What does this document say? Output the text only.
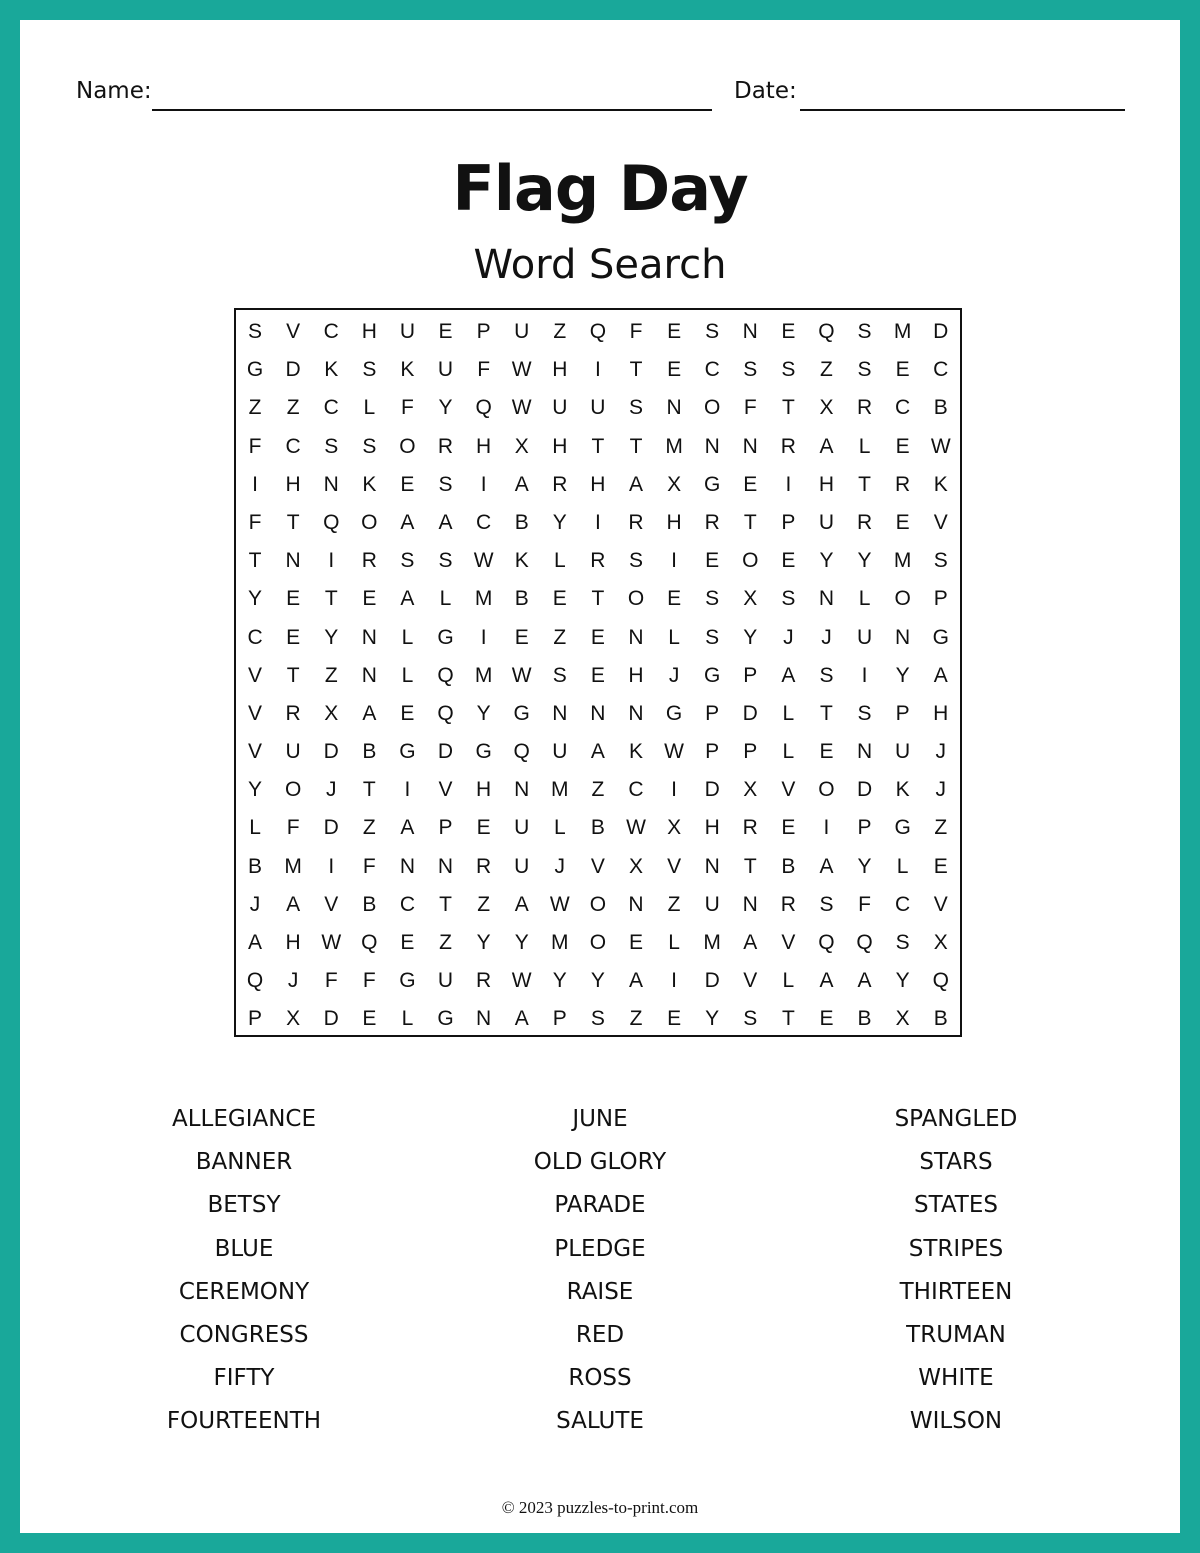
Name:	Date:
Flag Day
Word Search
S	V	C	H	U	E	P	U	Z	Q	F	E	S	N	E	Q	S	M	D
G	D	K	S	K	U	F	W H	I	T	E	C	S	S	Z	S	E	C
Z	Z	C	L	F	Y	Q W U	U	S	N	O	F	T	X	R	C	B
F	C	S	S	O	R	H	X	H	T	T	M	N	N	R	A	L	E	W
I	H	N	K	E	S	I	A	R	H	A	X	G	E	I	H	T	R	K
F	T	Q	O	A	A	C	B	Y	I	R	H	R	T	P	U	R	E	V
T	N	I	R	S	S	W	K	L	R	S	I	E	O	E	Y	Y	M	S
Y	E	T	E	A	L	M	B	E	T	O	E	S	X	S	N	L	O	P
C	E	Y	N	L	G	I	E	Z	E	N	L	S	Y	J	J	U	N	G
V	T	Z	N	L	Q	M W	S	E	H	J	G	P	A	S	I	Y	A
V	R	X	A	E	Q	Y	G	N	N	N	G	P	D	L	T	S	P	H
V	U	D	B	G	D	G	Q	U	A	K	W	P	P	L	E	N	U	J
Y	O	J	T	I	V	H	N	M	Z	C	I	D	X	V	O	D	K	J
L	F	D	Z	A	P	E	U	L	B	W	X	H	R	E	I	P	G	Z
B	M	I	F	N	N	R	U	J	V	X	V	N	T	B	A	Y	L	E
J	A	V	B	C	T	Z	A	W O	N	Z	U	N	R	S	F	C	V
A	H W Q	E	Z	Y	Y	M	O	E	L	M	A	V	Q	Q	S	X
Q	J	F	F	G	U	R W	Y	Y	A	I	D	V	L	A	A	Y	Q
P	X	D	E	L	G	N	A	P	S	Z	E	Y	S	T	E	B	X	B
ALLEGIANCE
BANNER
BETSY
BLUE
CEREMONY
CONGRESS
FIFTY
FOURTEENTH
JUNE
OLD GLORY
PARADE
PLEDGE
RAISE
RED
ROSS
SALUTE
SPANGLED
STARS
STATES
STRIPES
THIRTEEN
TRUMAN
WHITE
WILSON
© 2023 puzzles-to-print.com
